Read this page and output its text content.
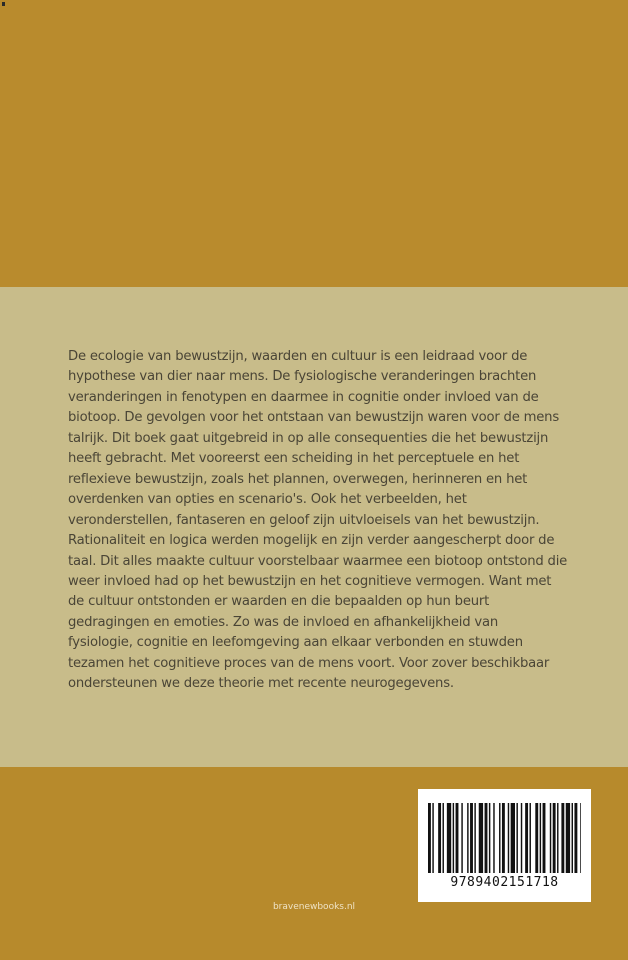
De ecologie van bewustzijn, waarden en cultuur is een leidraad voor de
hypothese van dier naar mens. De fysiologische veranderingen brachten
veranderingen in fenotypen en daarmee in cognitie onder invloed van de
biotoop. De gevolgen voor het ontstaan van bewustzijn waren voor de mens
talrijk. Dit boek gaat uitgebreid in op alle consequenties die het bewustzijn
heeft gebracht. Met vooreerst een scheiding in het perceptuele en het
reflexieve bewustzijn, zoals het plannen, overwegen, herinneren en het
overdenken van opties en scenario's. Ook het verbeelden, het
veronderstellen, fantaseren en geloof zijn uitvloeisels van het bewustzijn.
Rationaliteit en logica werden mogelijk en zijn verder aangescherpt door de
taal. Dit alles maakte cultuur voorstelbaar waarmee een biotoop ontstond die
weer invloed had op het bewustzijn en het cognitieve vermogen. Want met
de cultuur ontstonden er waarden en die bepaalden op hun beurt
gedragingen en emoties. Zo was de invloed en afhankelijkheid van
fysiologie, cognitie en leefomgeving aan elkaar verbonden en stuwden
tezamen het cognitieve proces van de mens voort. Voor zover beschikbaar
ondersteunen we deze theorie met recente neurogegevens.
9789402151718
bravenewbooks.nl
